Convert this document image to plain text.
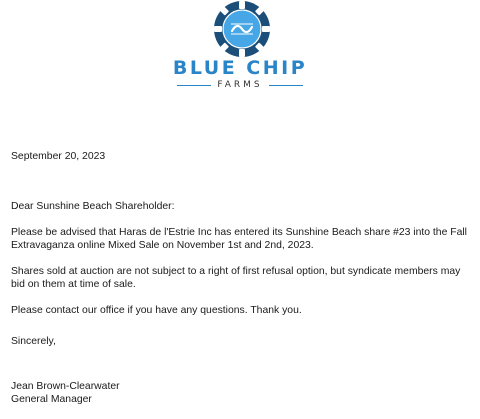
BLUE CHIP
FARMS

September 20, 2023

Dear Sunshine Beach Shareholder:

Please be advised that Haras de l'Estrie Inc has entered its Sunshine Beach share #23 into the Fall Extravaganza online Mixed Sale on November 1st and 2nd, 2023.

Shares sold at auction are not subject to a right of first refusal option, but syndicate members may bid on them at time of sale.

Please contact our office if you have any questions. Thank you.

Sincerely,

Jean Brown-Clearwater

General Manager
